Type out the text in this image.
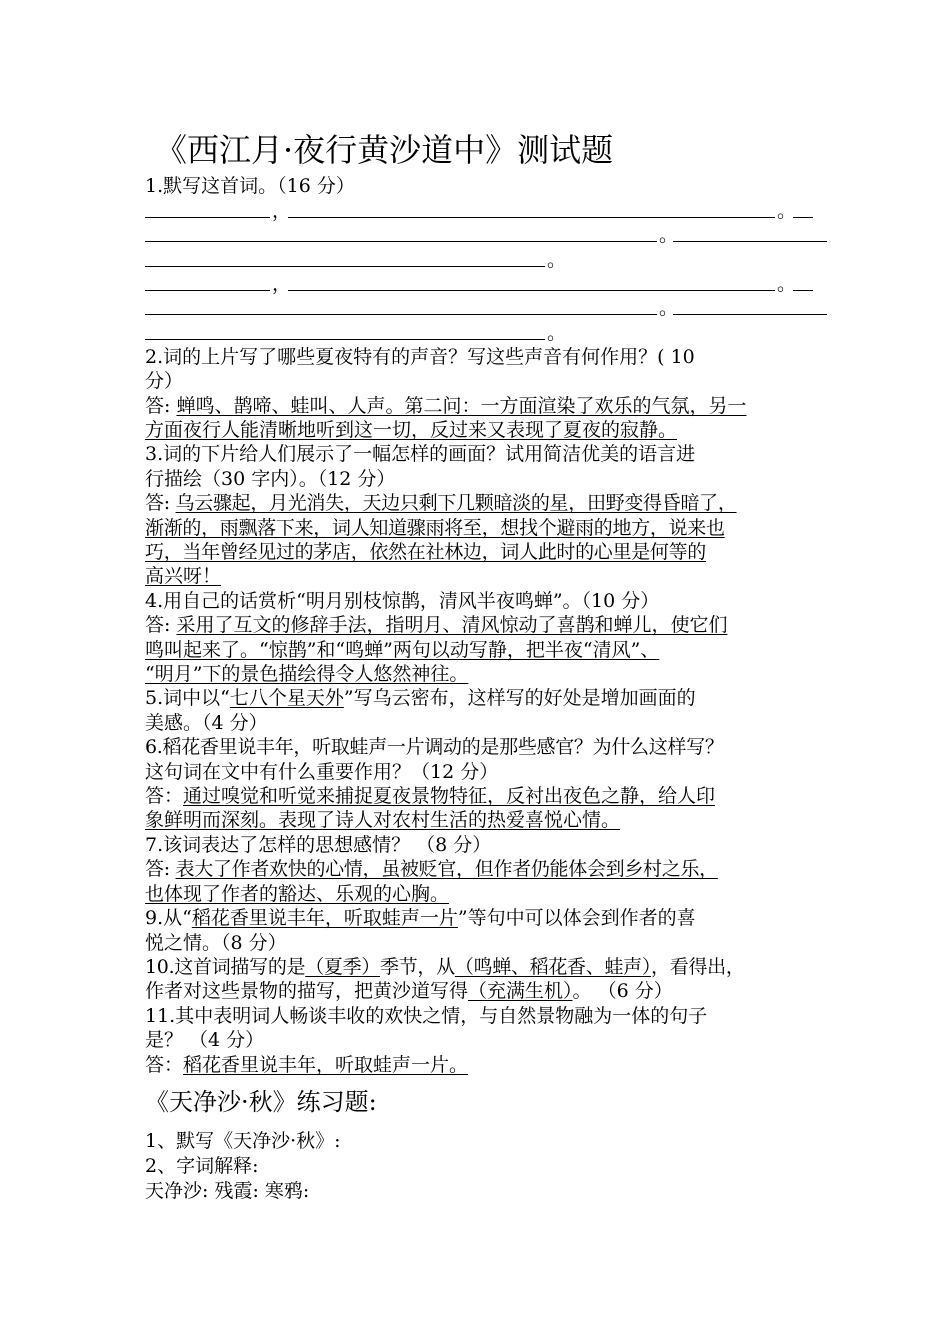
《西江月·夜行黄沙道中》测试题
1.默写这首词。（16 分）
，	。
。
。
，	。
。
。
2.词的上片写了哪些夏夜特有的声音？写这些声音有何作用？( 10
分）
答: 蝉鸣、鹊啼、蛙叫、人声。第二问：一方面渲染了欢乐的气氛，另一
方面夜行人能清晰地听到这一切，反过来又表现了夏夜的寂静。
3.词的下片给人们展示了一幅怎样的画面？试用简洁优美的语言进
行描绘（30 字内）。（12 分）
答: 乌云骤起，月光消失，天边只剩下几颗暗淡的星，田野变得昏暗了，
渐渐的，雨飘落下来，词人知道骤雨将至，想找个避雨的地方，说来也
巧，当年曾经见过的茅店，依然在社林边，词人此时的心里是何等的
高兴呀！
4.用自己的话赏析“明月别枝惊鹊，清风半夜鸣蝉”。（10 分）
答: 采用了互文的修辞手法，指明月、清风惊动了喜鹊和蝉儿，使它们
鸣叫起来了。“惊鹊”和“鸣蝉”两句以动写静，把半夜“清风”、
“明月”下的景色描绘得令人悠然神往。
5.词中以“七八个星天外”写乌云密布，这样写的好处是增加画面的
美感。（4 分）
6.稻花香里说丰年，听取蛙声一片调动的是那些感官？为什么这样写？
这句词在文中有什么重要作用？（12 分）
答：通过嗅觉和听觉来捕捉夏夜景物特征，反衬出夜色之静，给人印
象鲜明而深刻。表现了诗人对农村生活的热爱喜悦心情。
7.该词表达了怎样的思想感情？ （8 分）
答: 表大了作者欢快的心情，虽被贬官，但作者仍能体会到乡村之乐，
也体现了作者的豁达、乐观的心胸。
9.从“稻花香里说丰年，听取蛙声一片”等句中可以体会到作者的喜
悦之情。（8 分）
10.这首词描写的是（夏季）季节，从（鸣蝉、稻花香、蛙声），看得出，
作者对这些景物的描写，把黄沙道写得（充满生机）。 （6 分）
11.其中表明词人畅谈丰收的欢快之情，与自然景物融为一体的句子
是？ （4 分）
答：稻花香里说丰年，听取蛙声一片。
《天净沙·秋》练习题:
1、默写《天净沙·秋》:
2、字词解释:
天净沙: 残霞: 寒鸦:
